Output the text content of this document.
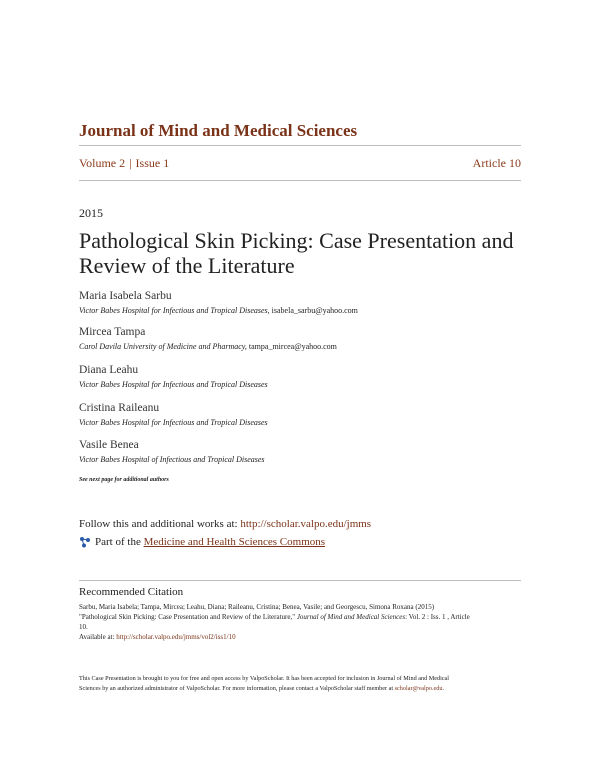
Journal of Mind and Medical Sciences
Volume 2 | Issue 1	Article 10
2015
Pathological Skin Picking: Case Presentation and
Review of the Literature
Maria Isabela Sarbu
Victor Babes Hospital for Infectious and Tropical Diseases, isabela_sarbu@yahoo.com
Mircea Tampa
Carol Davila University of Medicine and Pharmacy, tampa_mircea@yahoo.com
Diana Leahu
Victor Babes Hospital for Infectious and Tropical Diseases
Cristina Raileanu
Victor Babes Hospital for Infectious and Tropical Diseases
Vasile Benea
Victor Babes Hospital of Infectious and Tropical Diseases
See next page for additional authors
Follow this and additional works at: http://scholar.valpo.edu/jmms
Part of the
Medicine and Health Sciences Commons
Recommended Citation
Sarbu, Maria Isabela; Tampa, Mircea; Leahu, Diana; Raileanu, Cristina; Benea, Vasile; and Georgescu, Simona Roxana (2015)
"Pathological Skin Picking: Case Presentation and Review of the Literature," Journal of Mind and Medical Sciences: Vol. 2 : Iss. 1 , Article
10.
Available at: http://scholar.valpo.edu/jmms/vol2/iss1/10
This Case Presentation is brought to you for free and open access by ValpoScholar. It has been accepted for inclusion in Journal of Mind and Medical
Sciences by an authorized administrator of ValpoScholar. For more information, please contact a ValpoScholar staff member at scholar@valpo.edu.
